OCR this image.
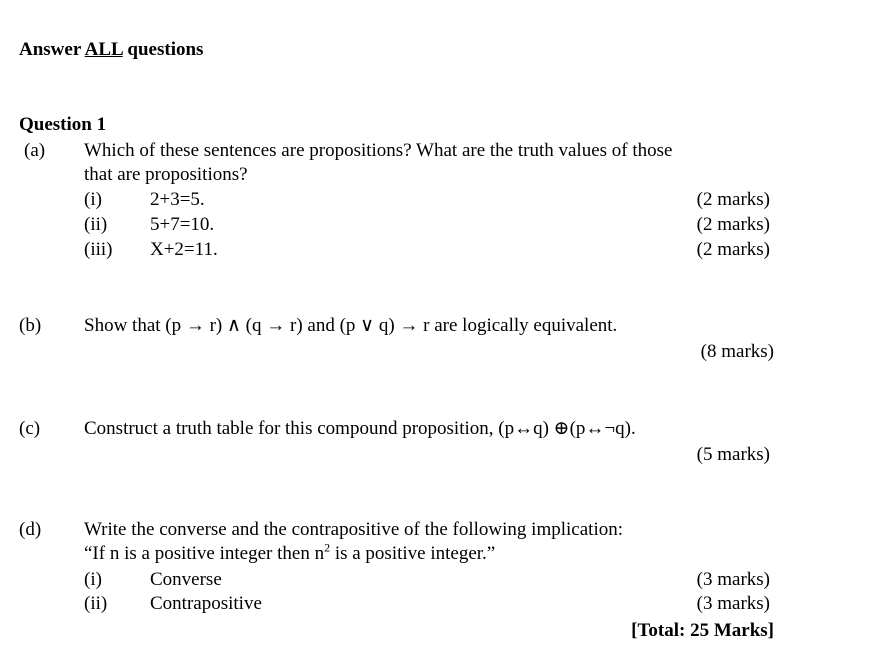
Answer ALL questions
Question 1
(a) Which of these sentences are propositions? What are the truth values of those
that are propositions?
(i)	2+3=5.	(2 marks)
(ii) 5+7=10.	(2 marks)
(iii) X+2=11.	(2 marks)
(b) Show that (p → r) ∧ (q → r) and (p ∨ q) → r are logically equivalent.
(8 marks)
(c) Construct a truth table for this compound proposition, (p↔q) ⊕(p↔¬q).
(5 marks)
(d) Write the converse and the contrapositive of the following implication:
“If n is a positive integer then $n^2$ is a positive integer.”
(i)	Converse	(3 marks)
(ii) Contrapositive	(3 marks)
[Total: 25 Marks]
